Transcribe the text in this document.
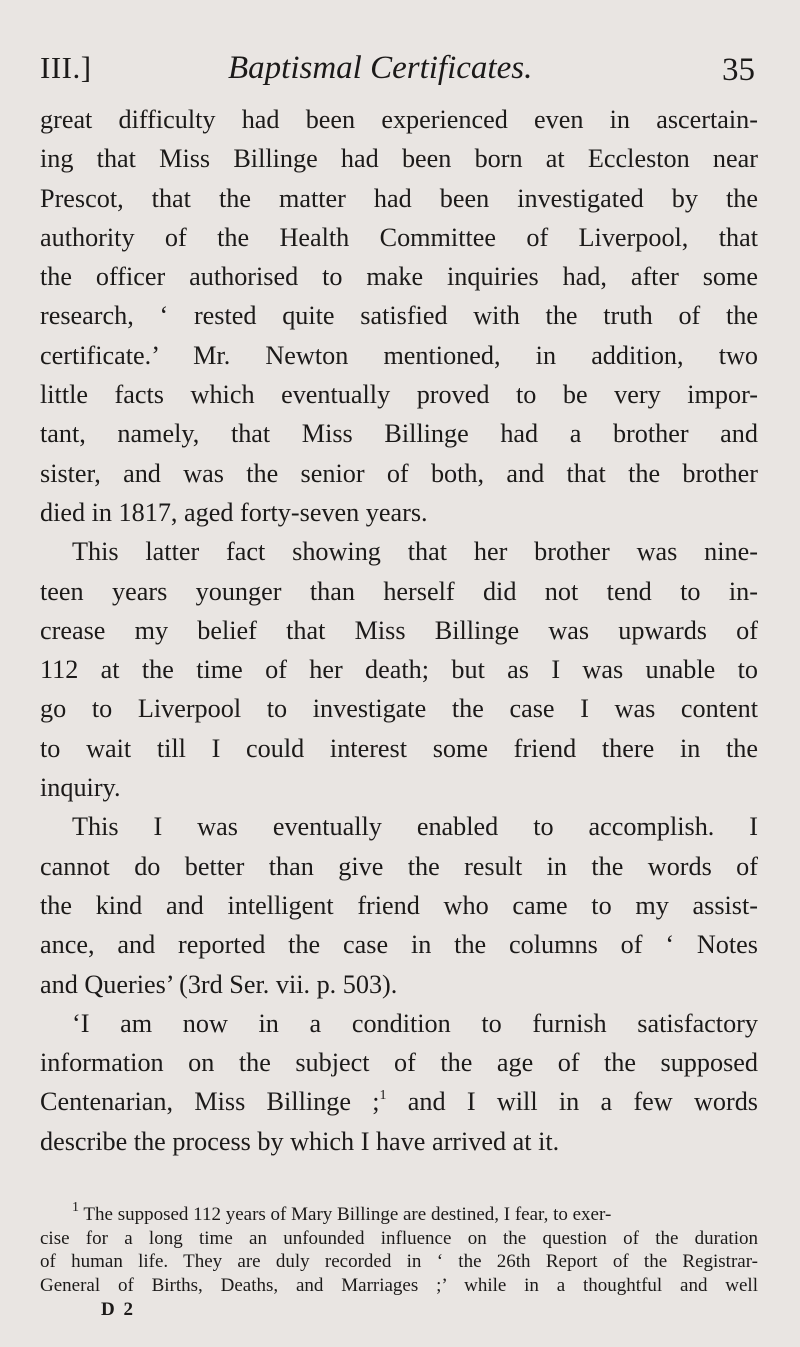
III.]	Baptismal Certificates.	35
great difficulty had been experienced even in ascertain-
ing that Miss Billinge had been born at Eccleston near
Prescot, that the matter had been investigated by the
authority of the Health Committee of Liverpool, that
the officer authorised to make inquiries had, after some
research, ‘ rested quite satisfied with the truth of the
certificate.’ Mr. Newton mentioned, in addition, two
little facts which eventually proved to be very impor-
tant, namely, that Miss Billinge had a brother and
sister, and was the senior of both, and that the brother
died in 1817, aged forty-seven years.
This latter fact showing that her brother was nine-
teen years younger than herself did not tend to in-
crease my belief that Miss Billinge was upwards of
112 at the time of her death; but as I was unable to
go to Liverpool to investigate the case I was content
to wait till I could interest some friend there in the
inquiry.
This I was eventually enabled to accomplish. I
cannot do better than give the result in the words of
the kind and intelligent friend who came to my assist-
ance, and reported the case in the columns of ‘ Notes
and Queries’ (3rd Ser. vii. p. 503).
‘I am now in a condition to furnish satisfactory
information on the subject of the age of the supposed
Centenarian, Miss Billinge ;$^1$ and I will in a few words
describe the process by which I have arrived at it.
$^1$ The supposed 112 years of Mary Billinge are destined, I fear, to exer-
cise for a long time an unfounded influence on the question of the duration
of human life. They are duly recorded in ‘ the 26th Report of the Registrar-
General of Births, Deaths, and Marriages ;’ while in a thoughtful and well
D 2
